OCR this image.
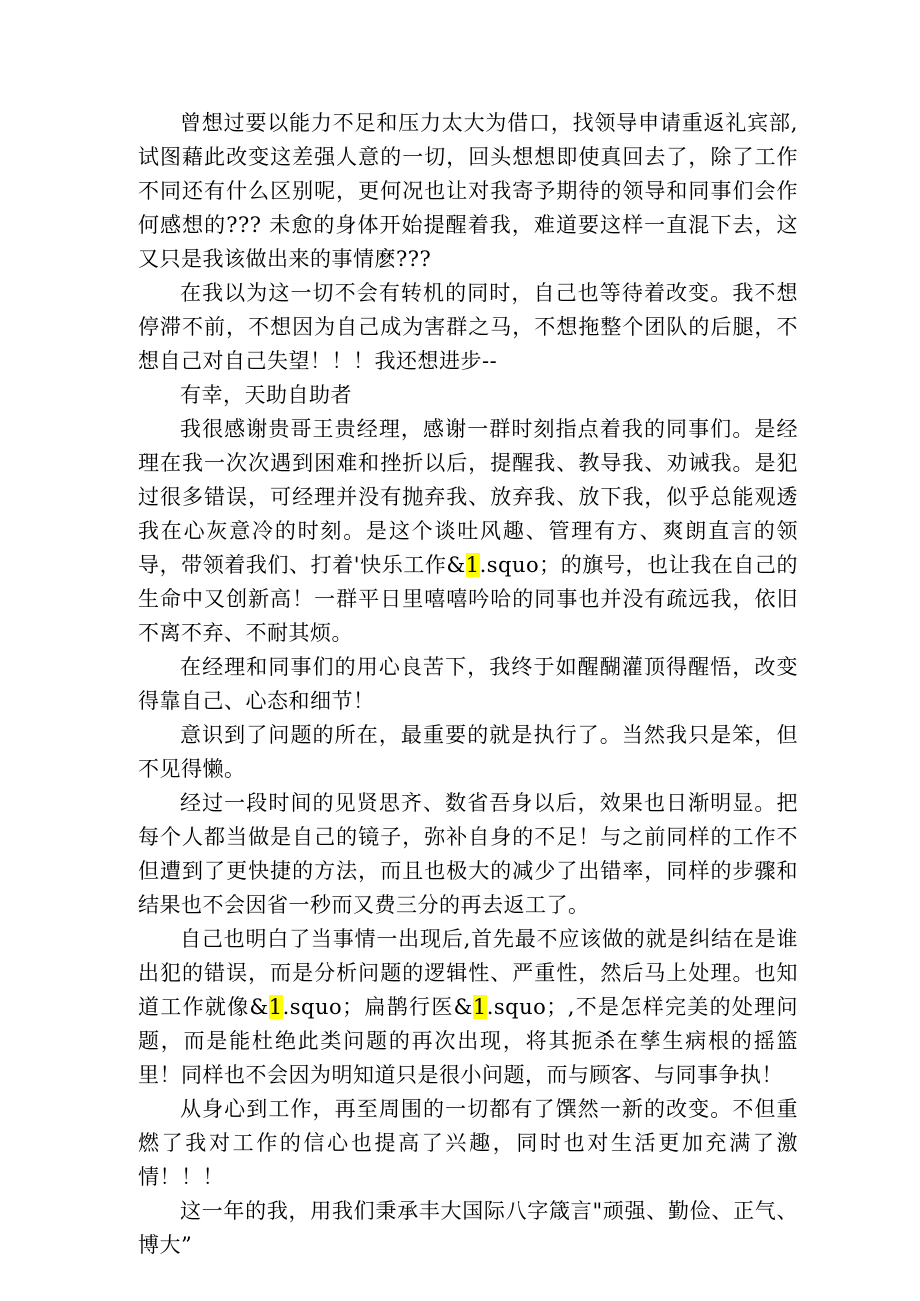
曾想过要以能力不足和压力太大为借口，找领导申请重返礼宾部,试图藉此改变这差强人意的一切，回头想想即使真回去了，除了工作不同还有什么区别呢，更何况也让对我寄予期待的领导和同事们会作何感想的??? 未愈的身体开始提醒着我，难道要这样一直混下去，这又只是我该做出来的事情麽???

在我以为这一切不会有转机的同时，自己也等待着改变。我不想停滞不前，不想因为自己成为害群之马，不想拖整个团队的后腿，不想自己对自己失望！！！我还想进步--

有幸，天助自助者

我很感谢贵哥王贵经理，感谢一群时刻指点着我的同事们。是经理在我一次次遇到困难和挫折以后，提醒我、教导我、劝诫我。是犯过很多错误，可经理并没有抛弃我、放弃我、放下我，似乎总能观透我在心灰意冷的时刻。是这个谈吐风趣、管理有方、爽朗直言的领导，带领着我们、打着'快乐工作&1.squo；的旗号，也让我在自己的生命中又创新高！一群平日里嘻嘻吟哈的同事也并没有疏远我，依旧不离不弃、不耐其烦。

在经理和同事们的用心良苦下，我终于如醒醐灌顶得醒悟，改变得靠自己、心态和细节！

意识到了问题的所在，最重要的就是执行了。当然我只是笨，但不见得懒。

经过一段时间的见贤思齐、数省吾身以后，效果也日渐明显。把每个人都当做是自己的镜子，弥补自身的不足！与之前同样的工作不但遭到了更快捷的方法，而且也极大的减少了出错率，同样的步骤和结果也不会因省一秒而又费三分的再去返工了。

自己也明白了当事情一出现后,首先最不应该做的就是纠结在是谁出犯的错误，而是分析问题的逻辑性、严重性，然后马上处理。也知道工作就像&1.squo；扁鹊行医&1.squo；,不是怎样完美的处理问题，而是能杜绝此类问题的再次出现，将其扼杀在孳生病根的摇篮里！同样也不会因为明知道只是很小问题，而与顾客、与同事争执！

从身心到工作，再至周围的一切都有了馔然一新的改变。不但重燃了我对工作的信心也提高了兴趣，同时也对生活更加充满了激情！！！

这一年的我，用我们秉承丰大国际八字箴言"顽强、勤俭、正气、博大”
